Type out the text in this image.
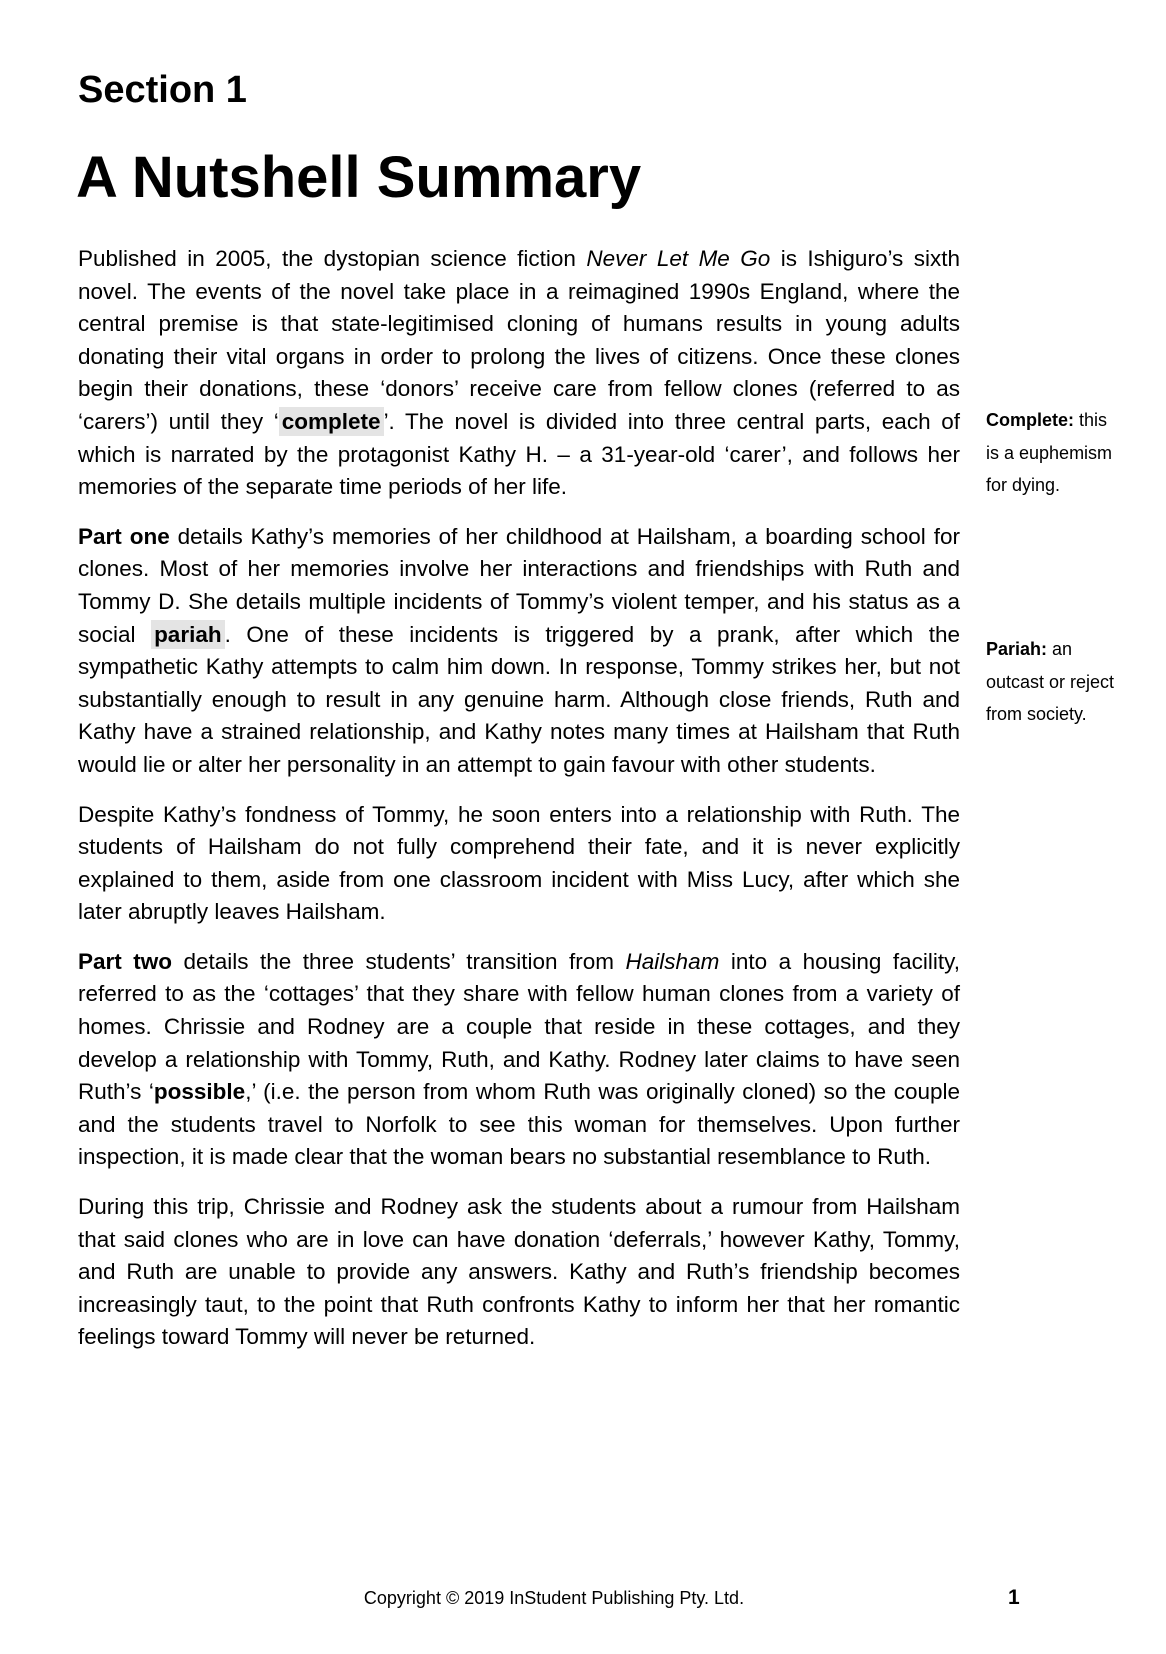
Section 1
A Nutshell Summary

Published in 2005, the dystopian science fiction Never Let Me Go is Ishiguro’s sixth novel. The events of the novel take place in a reimagined 1990s England, where the central premise is that state-legitimised cloning of humans results in young adults donating their vital organs in order to prolong the lives of citizens. Once these clones begin their donations, these ‘donors’ receive care from fellow clones (referred to as ‘carers’) until they ‘ complete ’. The novel is divided into three central parts, each of which is narrated by the protagonist Kathy H. – a 31-year-old ‘carer’, and follows her memories of the separate time periods of her life.

Part one details Kathy’s memories of her childhood at Hailsham, a boarding school for clones. Most of her memories involve her interactions and friendships with Ruth and Tommy D. She details multiple incidents of Tommy’s violent temper, and his status as a social pariah . One of these incidents is triggered by a prank, after which the sympathetic Kathy attempts to calm him down. In response, Tommy strikes her, but not substantially enough to result in any genuine harm. Although close friends, Ruth and Kathy have a strained relationship, and Kathy notes many times at Hailsham that Ruth would lie or alter her personality in an attempt to gain favour with other students.

Despite Kathy’s fondness of Tommy, he soon enters into a relationship with Ruth. The students of Hailsham do not fully comprehend their fate, and it is never explicitly explained to them, aside from one classroom incident with Miss Lucy, after which she later abruptly leaves Hailsham.

Part two details the three students’ transition from Hailsham into a housing facility, referred to as the ‘cottages’ that they share with fellow human clones from a variety of homes. Chrissie and Rodney are a couple that reside in these cottages, and they develop a relationship with Tommy, Ruth, and Kathy. Rodney later claims to have seen Ruth’s ‘possible,’ (i.e. the person from whom Ruth was originally cloned) so the couple and the students travel to Norfolk to see this woman for themselves. Upon further inspection, it is made clear that the woman bears no substantial resemblance to Ruth.

During this trip, Chrissie and Rodney ask the students about a rumour from Hailsham that said clones who are in love can have donation ‘deferrals,’ however Kathy, Tommy, and Ruth are unable to provide any answers. Kathy and Ruth’s friendship becomes increasingly taut, to the point that Ruth confronts Kathy to inform her that her romantic feelings toward Tommy will never be returned.

Complete: this
is a euphemism
for dying.
Pariah: an
outcast or reject
from society.
Copyright © 2019 InStudent Publishing Pty. Ltd.	1
